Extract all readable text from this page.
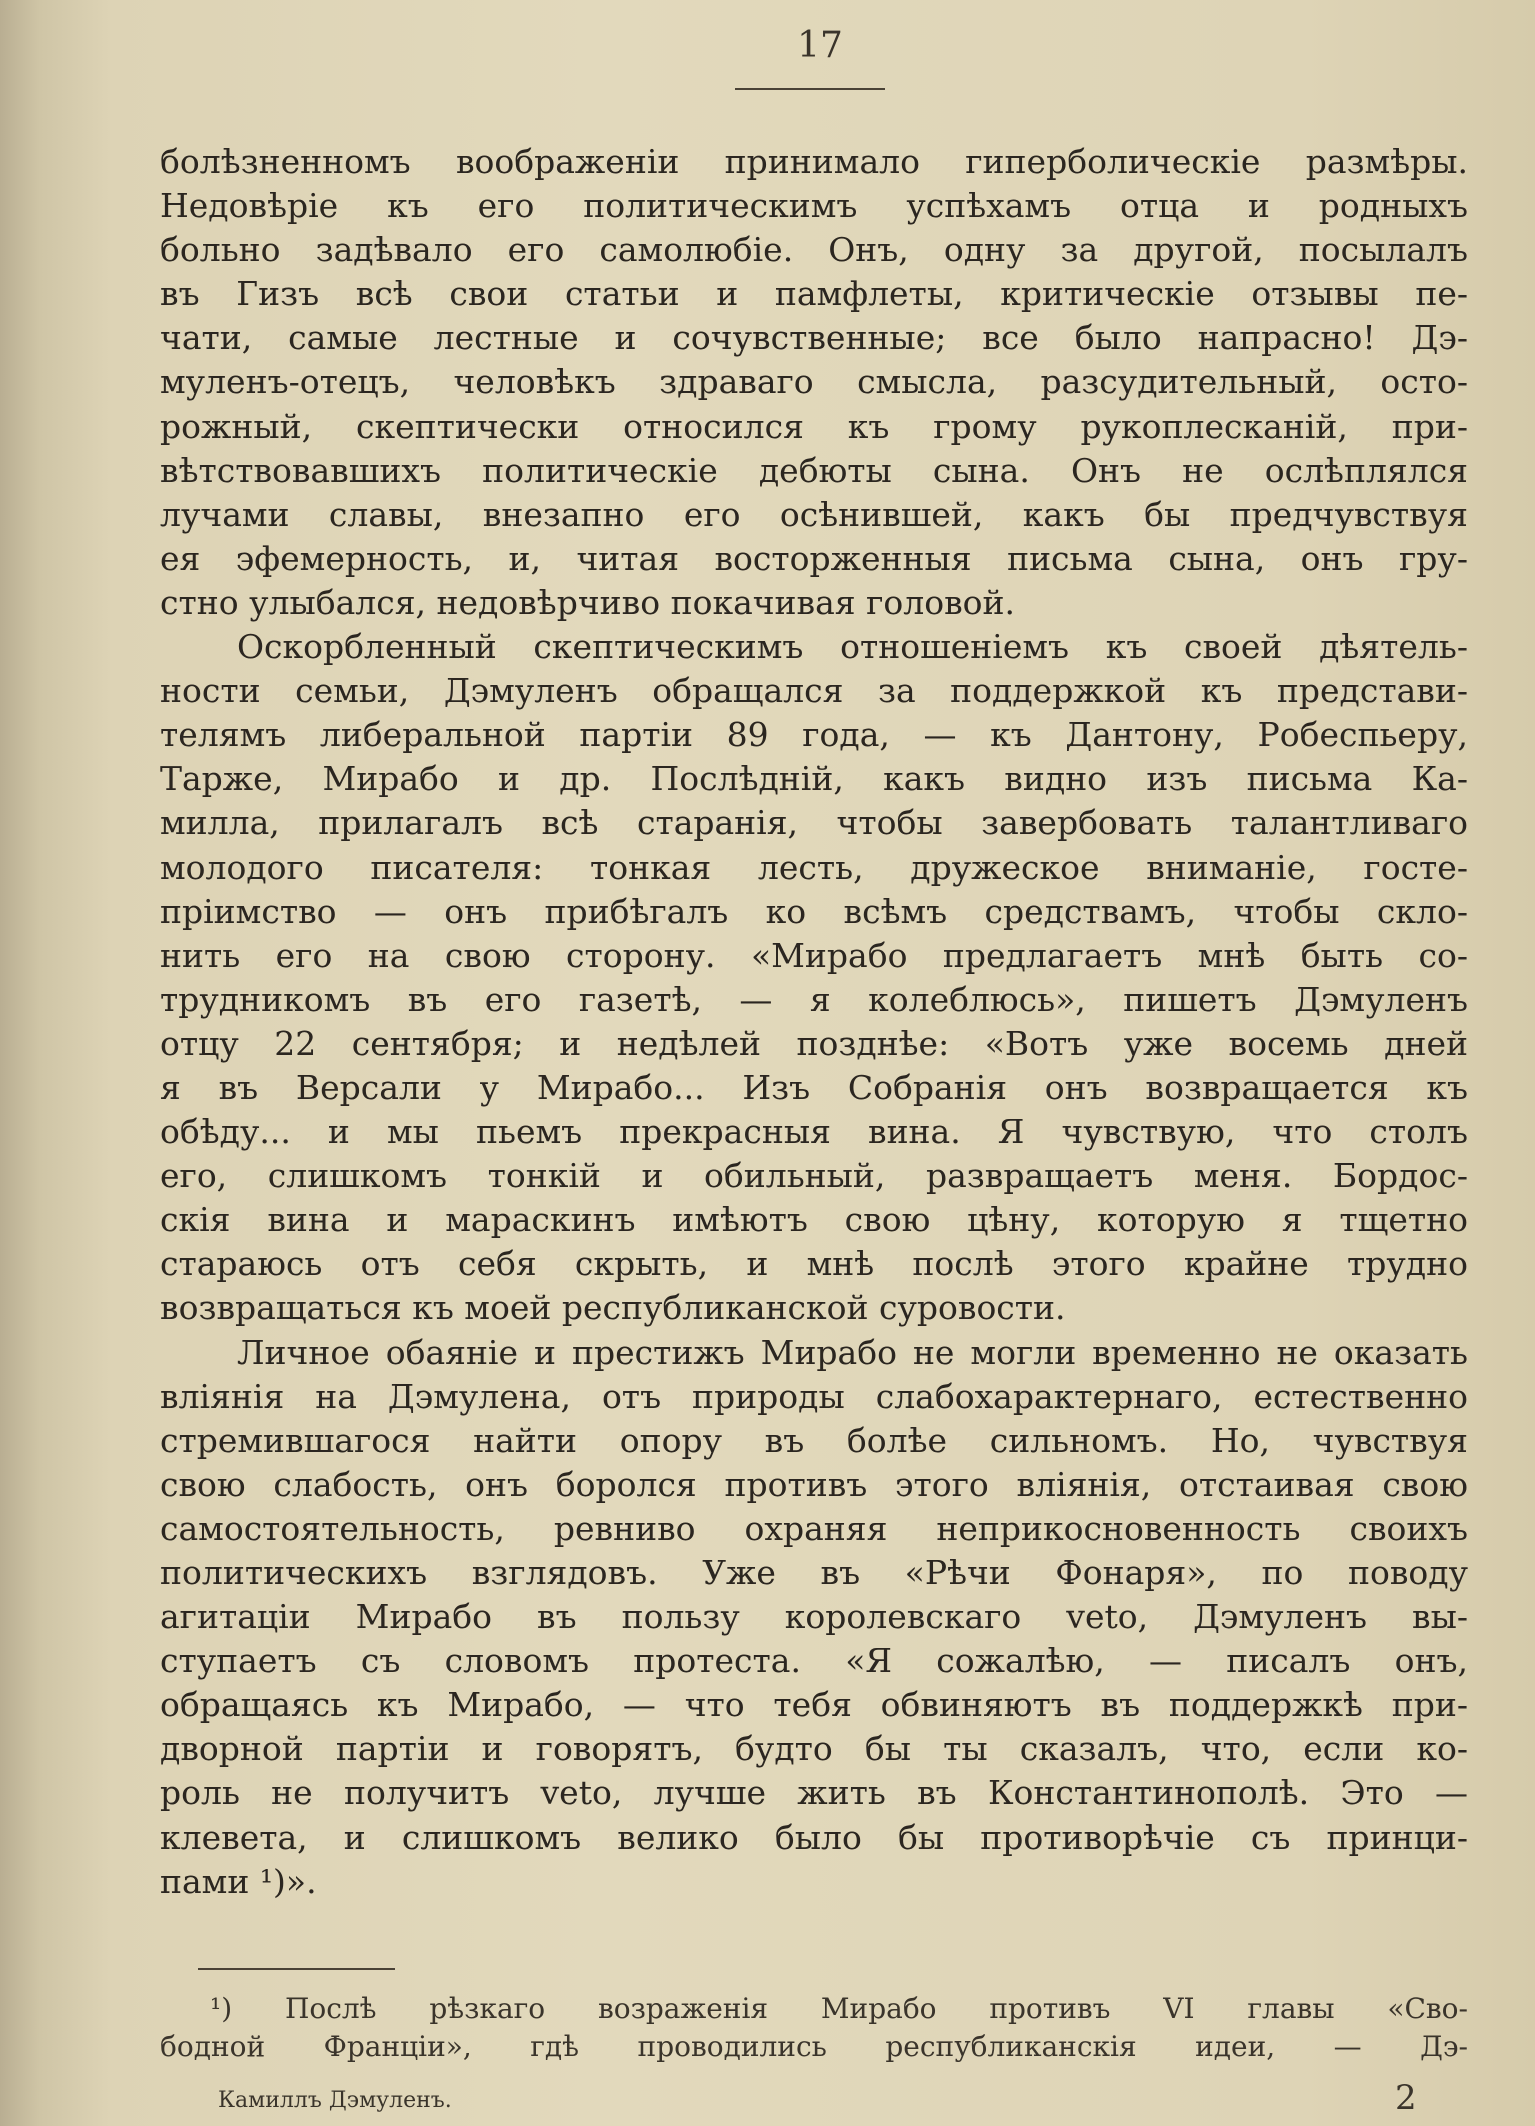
17
болѣзненномъ воображеніи принимало гиперболическіе размѣры.
Недовѣріе къ его политическимъ успѣхамъ отца и родныхъ
больно задѣвало его самолюбіе. Онъ, одну за другой, посылалъ
въ Гизъ всѣ свои статьи и памфлеты, критическіе отзывы пе-
чати, самые лестные и сочувственные; все было напрасно! Дэ-
муленъ-отецъ, человѣкъ здраваго смысла, разсудительный, осто-
рожный, скептически относился къ грому рукоплесканій, при-
вѣтствовавшихъ политическіе дебюты сына. Онъ не ослѣплялся
лучами славы, внезапно его осѣнившей, какъ бы предчувствуя
ея эфемерность, и, читая восторженныя письма сына, онъ гру-
стно улыбался, недовѣрчиво покачивая головой.
Оскорбленный скептическимъ отношеніемъ къ своей дѣятель-
ности семьи, Дэмуленъ обращался за поддержкой къ представи-
телямъ либеральной партіи 89 года, — къ Дантону, Робеспьеру,
Тарже, Мирабо и др. Послѣдній, какъ видно изъ письма Ка-
милла, прилагалъ всѣ старанія, чтобы завербовать талантливаго
молодого писателя: тонкая лесть, дружеское вниманіе, госте-
пріимство — онъ прибѣгалъ ко всѣмъ средствамъ, чтобы скло-
нить его на свою сторону. «Мирабо предлагаетъ мнѣ быть со-
трудникомъ въ его газетѣ, — я колеблюсь», пишетъ Дэмуленъ
отцу 22 сентября; и недѣлей позднѣе: «Вотъ уже восемь дней
я въ Версали у Мирабо... Изъ Собранія онъ возвращается къ
обѣду... и мы пьемъ прекрасныя вина. Я чувствую, что столъ
его, слишкомъ тонкій и обильный, развращаетъ меня. Бордос-
скія вина и мараскинъ имѣютъ свою цѣну, которую я тщетно
стараюсь отъ себя скрыть, и мнѣ послѣ этого крайне трудно
возвращаться къ моей республиканской суровости.
Личное обаяніе и престижъ Мирабо не могли временно не оказать
вліянія на Дэмулена, отъ природы слабохарактернаго, естественно
стремившагося найти опору въ болѣе сильномъ. Но, чувствуя
свою слабость, онъ боролся противъ этого вліянія, отстаивая свою
самостоятельность, ревниво охраняя неприкосновенность своихъ
политическихъ взглядовъ. Уже въ «Рѣчи Фонаря», по поводу
агитаціи Мирабо въ пользу королевскаго veto, Дэмуленъ вы-
ступаетъ съ словомъ протеста. «Я сожалѣю, — писалъ онъ,
обращаясь къ Мирабо, — что тебя обвиняютъ въ поддержкѣ при-
дворной партіи и говорятъ, будто бы ты сказалъ, что, если ко-
роль не получитъ veto, лучше жить въ Константинополѣ. Это —
клевета, и слишкомъ велико было бы противорѣчіе съ принци-
пами ¹)».
¹) Послѣ рѣзкаго возраженія Мирабо противъ VI главы «Сво-
бодной Франціи», гдѣ проводились республиканскія идеи, — Дэ-
Камиллъ Дэмуленъ.	2
